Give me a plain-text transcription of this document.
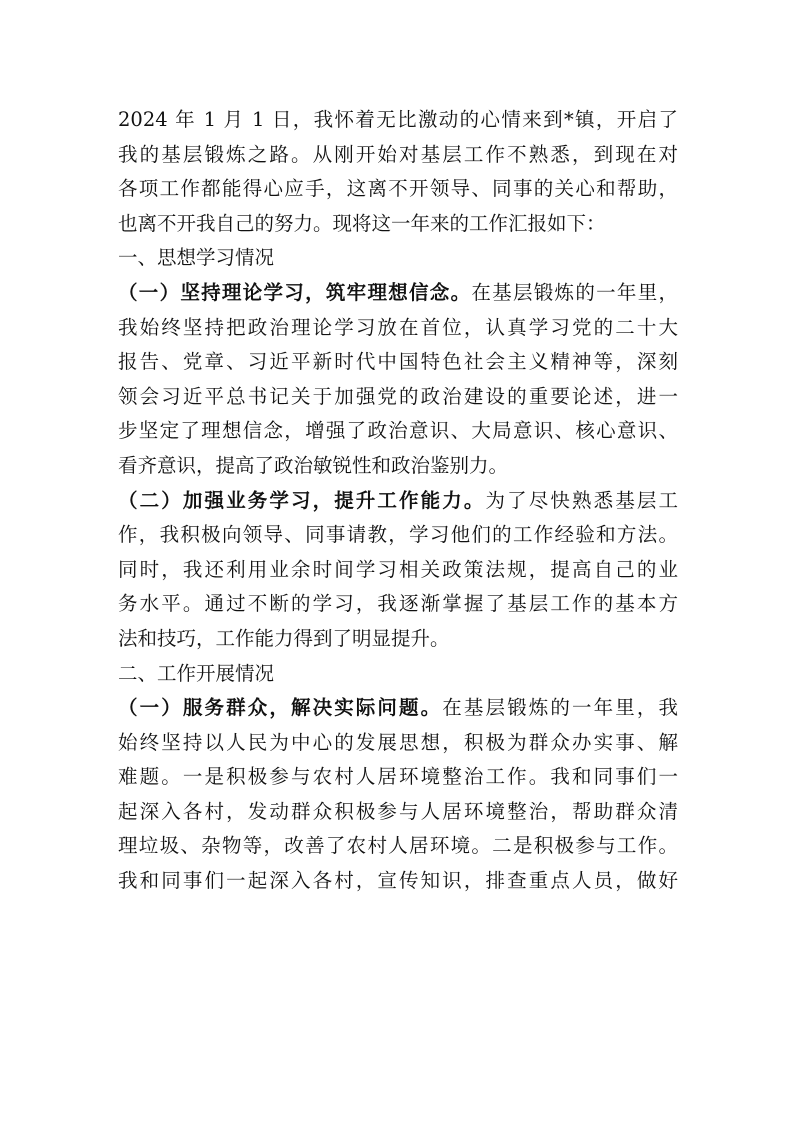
2024 年 1 月 1 日，我怀着无比激动的心情来到*镇，开启了
我的基层锻炼之路。从刚开始对基层工作不熟悉，到现在对
各项工作都能得心应手，这离不开领导、同事的关心和帮助，
也离不开我自己的努力。现将这一年来的工作汇报如下：
一、思想学习情况
（一）坚持理论学习，筑牢理想信念。在基层锻炼的一年里，
我始终坚持把政治理论学习放在首位，认真学习党的二十大
报告、党章、习近平新时代中国特色社会主义精神等，深刻
领会习近平总书记关于加强党的政治建设的重要论述，进一
步坚定了理想信念，增强了政治意识、大局意识、核心意识、
看齐意识，提高了政治敏锐性和政治鉴别力。
（二）加强业务学习，提升工作能力。为了尽快熟悉基层工
作，我积极向领导、同事请教，学习他们的工作经验和方法。
同时，我还利用业余时间学习相关政策法规，提高自己的业
务水平。通过不断的学习，我逐渐掌握了基层工作的基本方
法和技巧，工作能力得到了明显提升。
二、工作开展情况
（一）服务群众，解决实际问题。在基层锻炼的一年里，我
始终坚持以人民为中心的发展思想，积极为群众办实事、解
难题。一是积极参与农村人居环境整治工作。我和同事们一
起深入各村，发动群众积极参与人居环境整治，帮助群众清
理垃圾、杂物等，改善了农村人居环境。二是积极参与工作。
我和同事们一起深入各村，宣传知识，排查重点人员，做好
